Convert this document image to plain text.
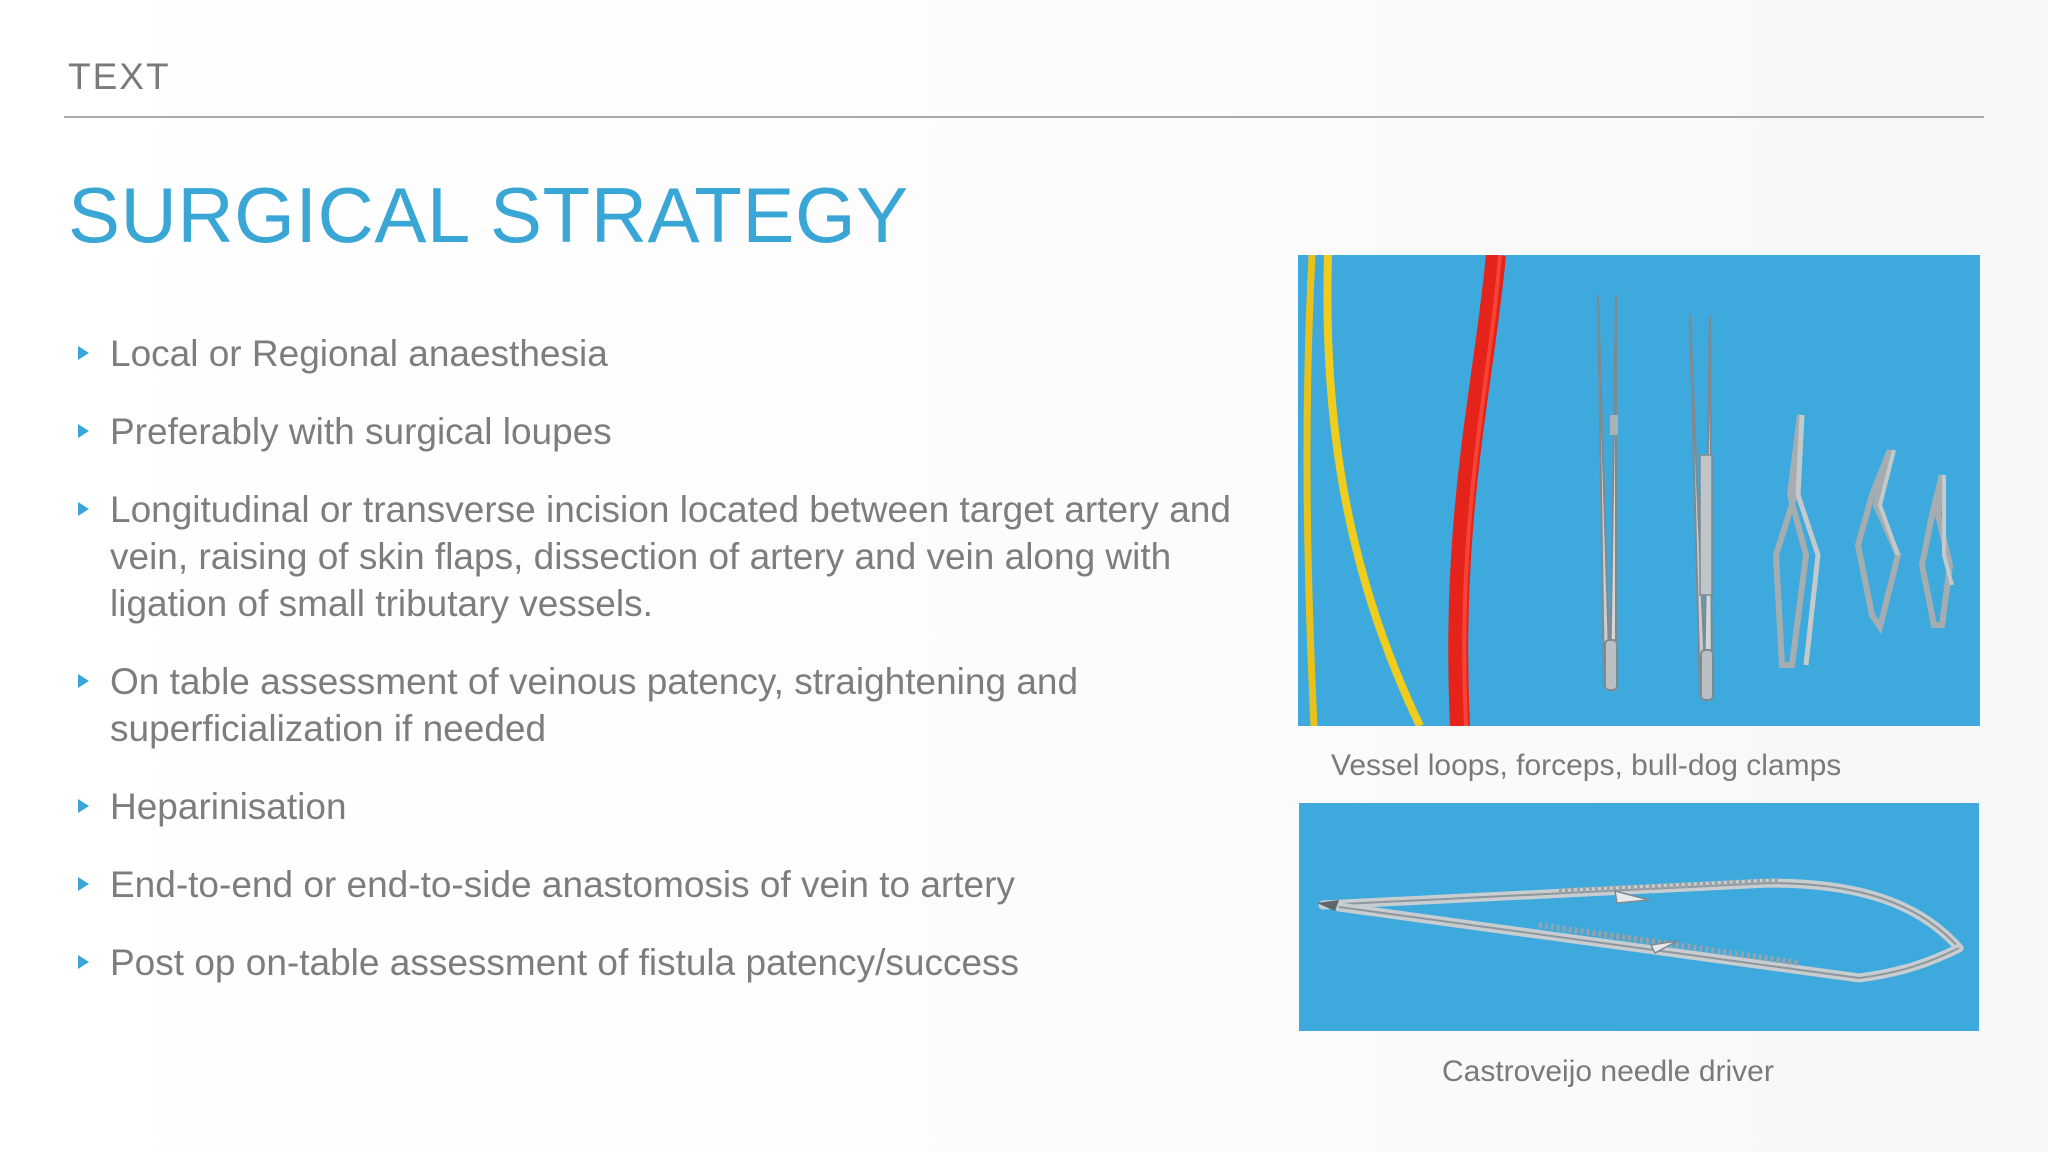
TEXT
SURGICAL STRATEGY
Local or Regional anaesthesia
Preferably with surgical loupes
Longitudinal or transverse incision located between target artery and vein, raising of skin flaps, dissection of artery and vein along with ligation of small tributary vessels.
On table assessment of veinous patency, straightening and superficialization if needed
Heparinisation
End-to-end or end-to-side anastomosis of vein to artery
Post op on-table assessment of fistula patency/success
Vessel loops, forceps, bull-dog clamps
Castroveijo needle driver
